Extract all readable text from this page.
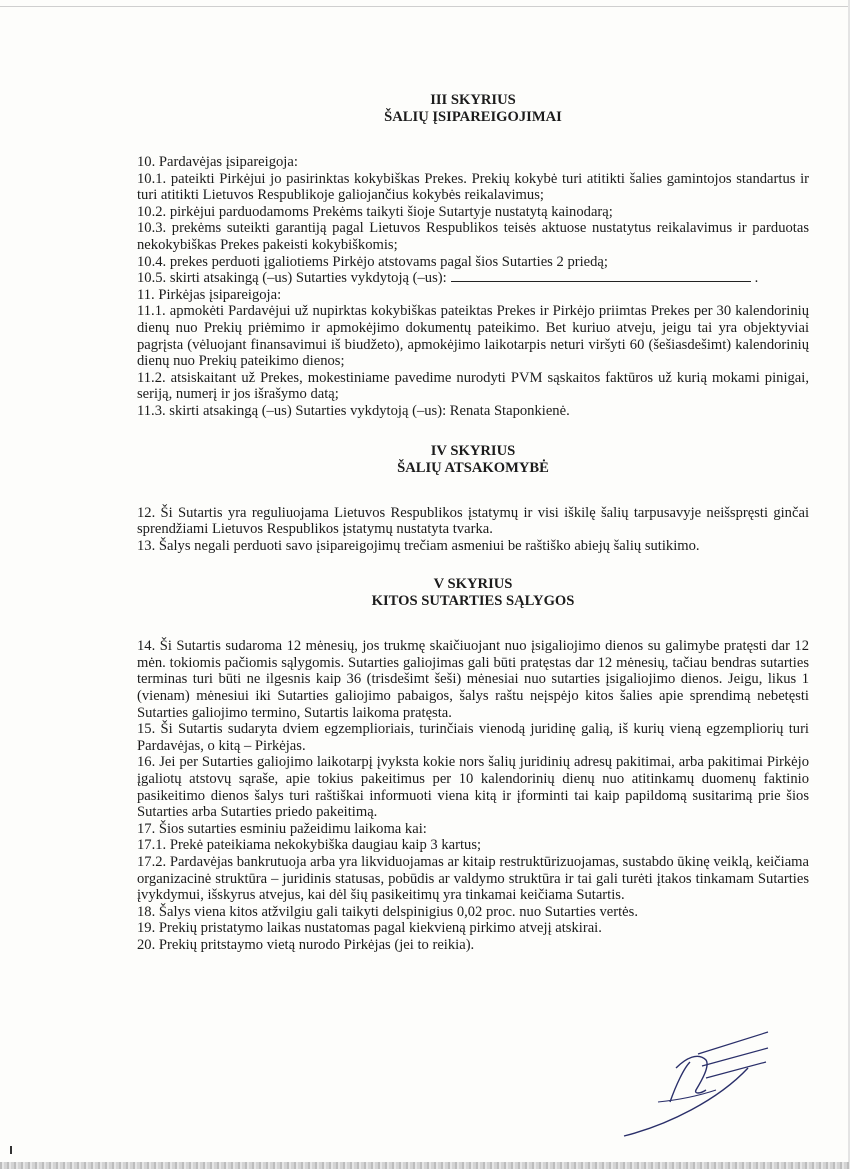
III SKYRIUS
ŠALIŲ ĮSIPAREIGOJIMAI

10. Pardavėjas įsipareigoja:

10.1. pateikti Pirkėjui jo pasirinktas kokybiškas Prekes. Prekių kokybė turi atitikti šalies gamintojos standartus ir turi atitikti Lietuvos Respublikoje galiojančius kokybės reikalavimus;

10.2. pirkėjui parduodamoms Prekėms taikyti šioje Sutartyje nustatytą kainodarą;

10.3. prekėms suteikti garantiją pagal Lietuvos Respublikos teisės aktuose nustatytus reikalavimus ir parduotas nekokybiškas Prekes pakeisti kokybiškomis;

10.4. prekes perduoti įgaliotiems Pirkėjo atstovams pagal šios Sutarties 2 priedą;

10.5. skirti atsakingą (–us) Sutarties vykdytoją (–us):	.

11. Pirkėjas įsipareigoja:

11.1. apmokėti Pardavėjui už nupirktas kokybiškas pateiktas Prekes ir Pirkėjo priimtas Prekes per 30 kalendorinių dienų nuo Prekių priėmimo ir apmokėjimo dokumentų pateikimo. Bet kuriuo atveju, jeigu tai yra objektyviai pagrįsta (vėluojant finansavimui iš biudžeto), apmokėjimo laikotarpis neturi viršyti 60 (šešiasdešimt) kalendorinių dienų nuo Prekių pateikimo dienos;

11.2. atsiskaitant už Prekes, mokestiniame pavedime nurodyti PVM sąskaitos faktūros už kurią mokami pinigai, seriją, numerį ir jos išrašymo datą;

11.3. skirti atsakingą (–us) Sutarties vykdytoją (–us): Renata Staponkienė.

IV SKYRIUS
ŠALIŲ ATSAKOMYBĖ

12. Ši Sutartis yra reguliuojama Lietuvos Respublikos įstatymų ir visi iškilę šalių tarpusavyje neišspręsti ginčai sprendžiami Lietuvos Respublikos įstatymų nustatyta tvarka.

13. Šalys negali perduoti savo įsipareigojimų trečiam asmeniui be raštiško abiejų šalių sutikimo.

V SKYRIUS
KITOS SUTARTIES SĄLYGOS

14. Ši Sutartis sudaroma 12 mėnesių, jos trukmę skaičiuojant nuo įsigaliojimo dienos su galimybe pratęsti dar 12 mėn. tokiomis pačiomis sąlygomis. Sutarties galiojimas gali būti pratęstas dar 12 mėnesių, tačiau bendras sutarties terminas turi būti ne ilgesnis kaip 36 (trisdešimt šeši) mėnesiai nuo sutarties įsigaliojimo dienos. Jeigu, likus 1 (vienam) mėnesiui iki Sutarties galiojimo pabaigos, šalys raštu neįspėjo kitos šalies apie sprendimą nebetęsti Sutarties galiojimo termino, Sutartis laikoma pratęsta.

15. Ši Sutartis sudaryta dviem egzemplioriais, turinčiais vienodą juridinę galią, iš kurių vieną egzempliorių turi Pardavėjas, o kitą – Pirkėjas.

16. Jei per Sutarties galiojimo laikotarpį įvyksta kokie nors šalių juridinių adresų pakitimai, arba pakitimai Pirkėjo įgaliotų atstovų sąraše, apie tokius pakeitimus per 10 kalendorinių dienų nuo atitinkamų duomenų faktinio pasikeitimo dienos šalys turi raštiškai informuoti viena kitą ir įforminti tai kaip papildomą susitarimą prie šios Sutarties arba Sutarties priedo pakeitimą.

17. Šios sutarties esminiu pažeidimu laikoma kai:

17.1. Prekė pateikiama nekokybiška daugiau kaip 3 kartus;

17.2. Pardavėjas bankrutuoja arba yra likviduojamas ar kitaip restruktūrizuojamas, sustabdo ūkinę veiklą, keičiama organizacinė struktūra – juridinis statusas, pobūdis ar valdymo struktūra ir tai gali turėti įtakos tinkamam Sutarties įvykdymui, išskyrus atvejus, kai dėl šių pasikeitimų yra tinkamai keičiama Sutartis.

18. Šalys viena kitos atžvilgiu gali taikyti delspinigius 0,02 proc. nuo Sutarties vertės.

19. Prekių pristatymo laikas nustatomas pagal kiekvieną pirkimo atvejį atskirai.

20. Prekių pritstaymo vietą nurodo Pirkėjas (jei to reikia).
